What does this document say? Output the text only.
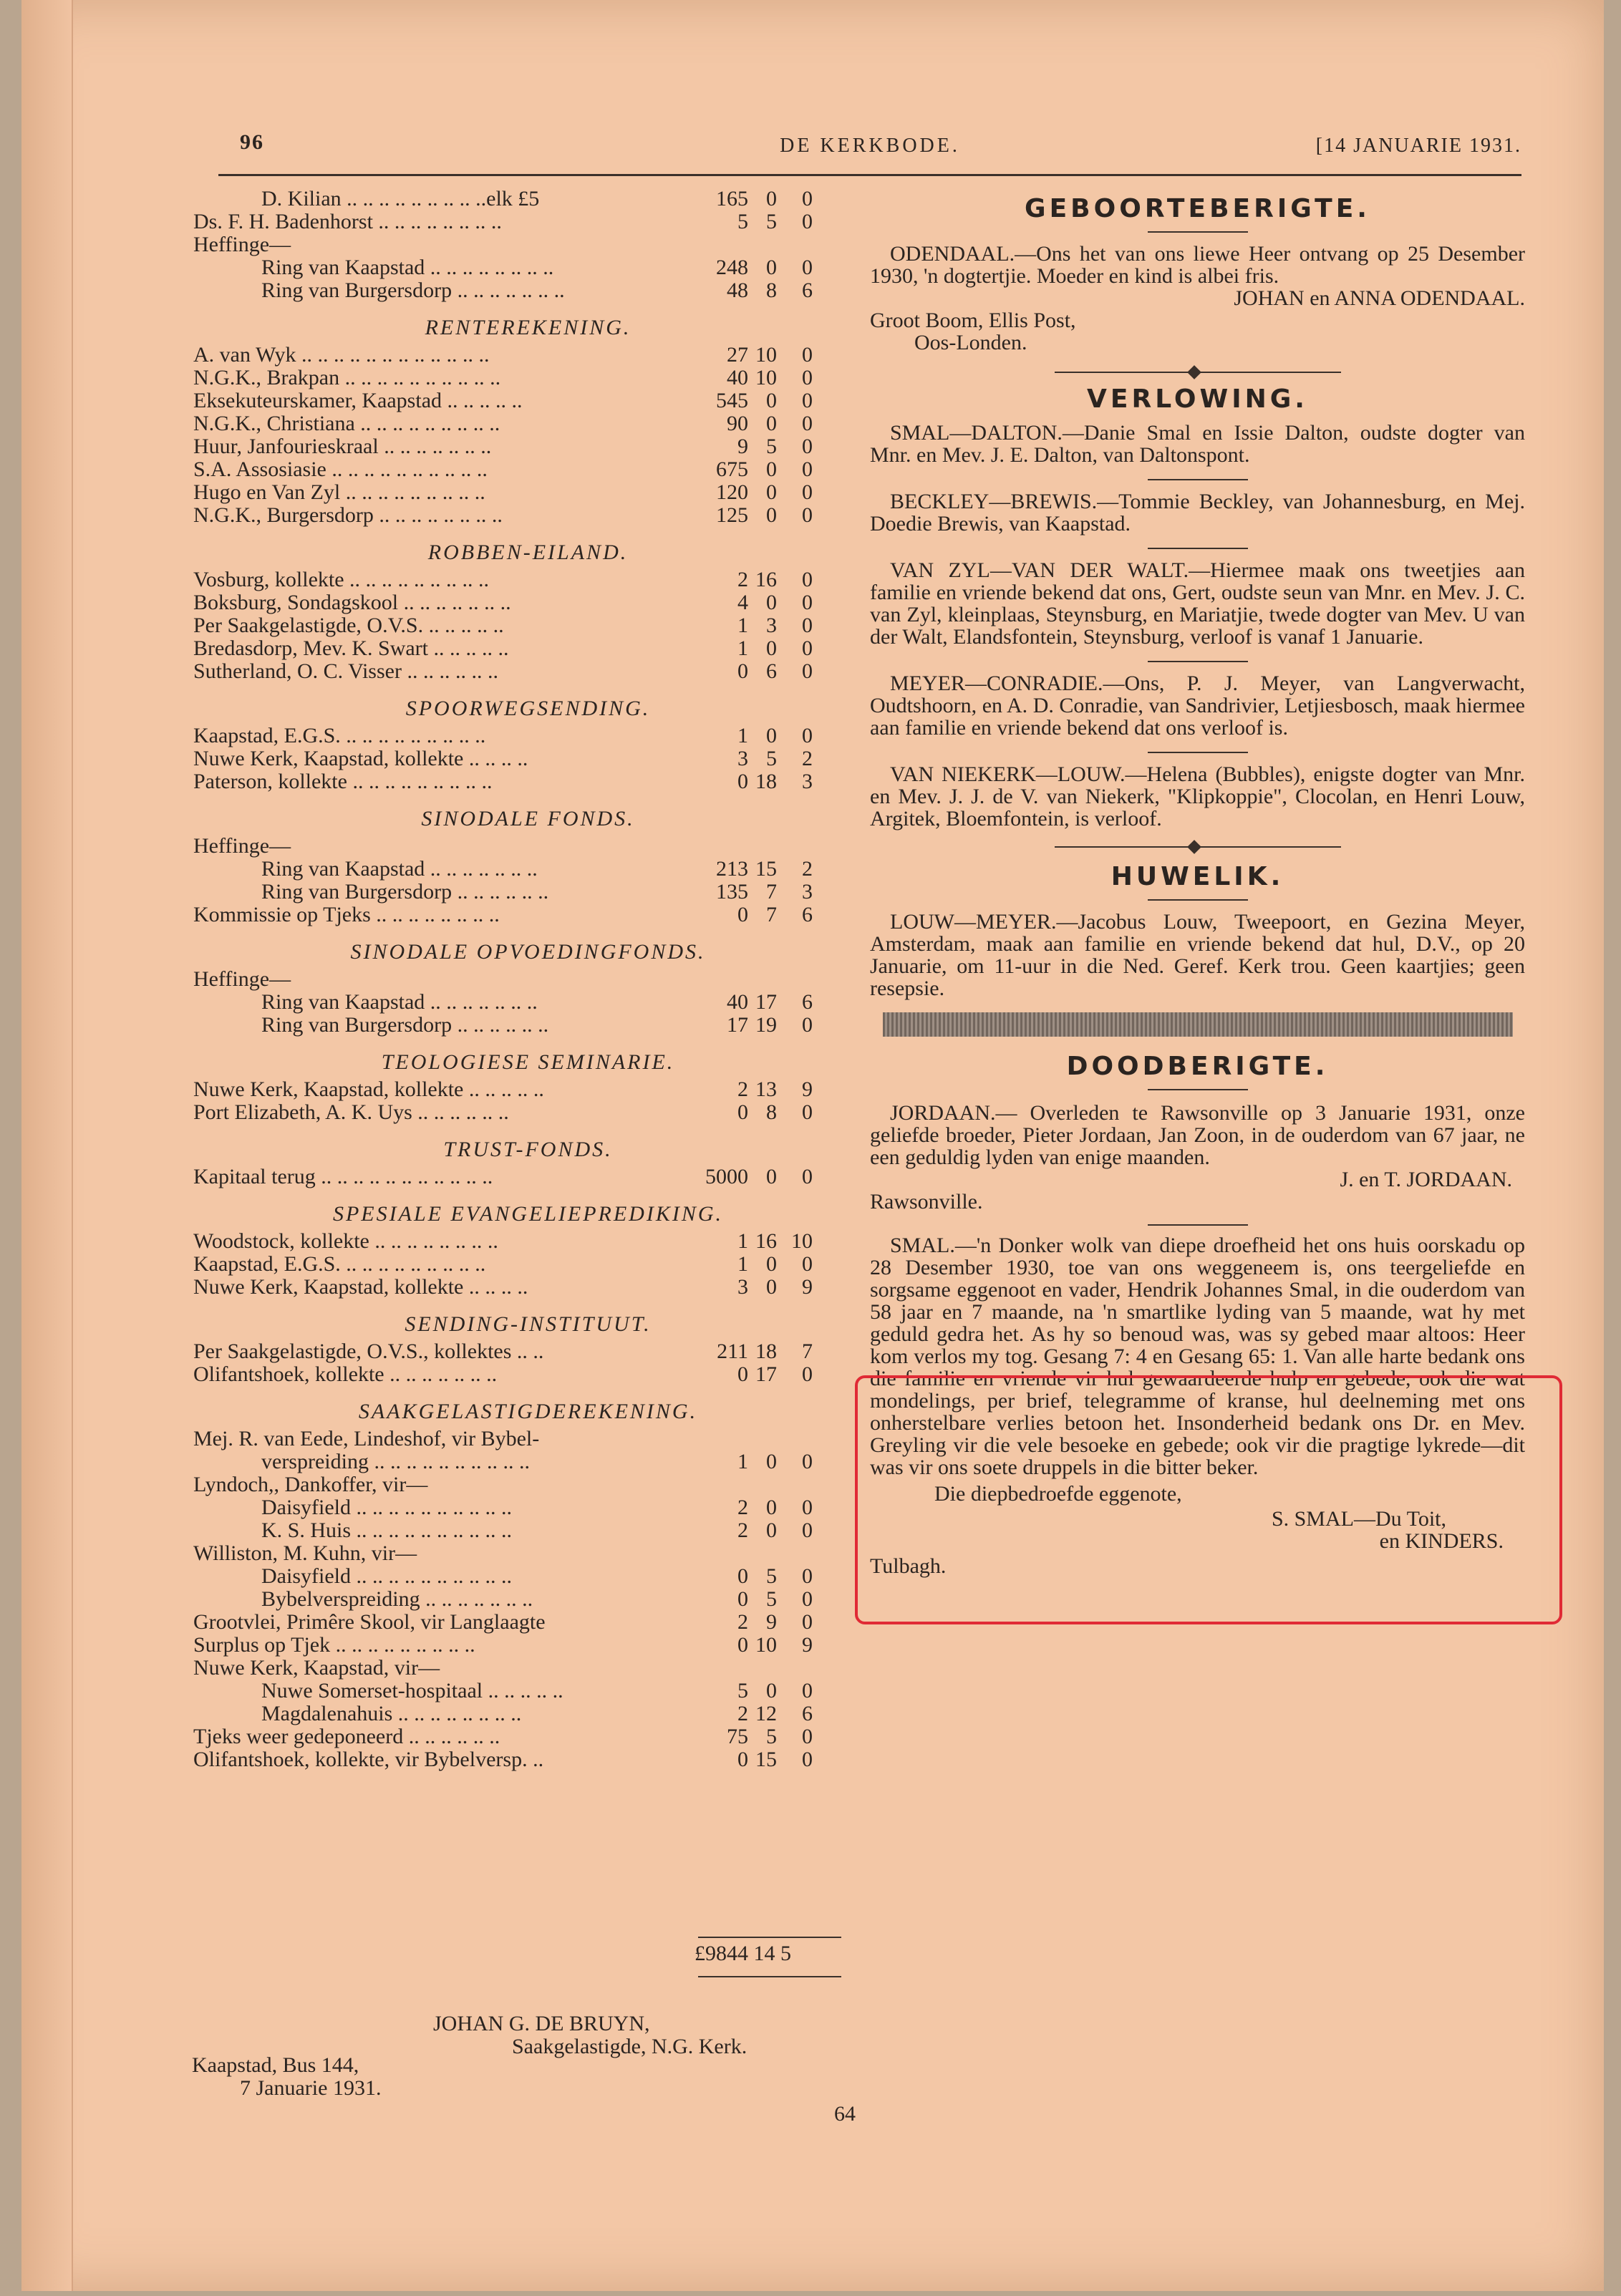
96	DE KERKBODE.	[14 JANUARIE 1931.
D. Kilian .. .. .. .. .. .. .. .. ..elk £5	165 0	0
Ds. F. H. Badenhorst .. .. .. .. .. .. .. ..	5 5	0
Heffinge—
Ring van Kaapstad .. .. .. .. .. .. .. ..	248 0	0
Ring van Burgersdorp .. .. .. .. .. .. ..	48 8	6
RENTEREKENING.
A. van Wyk .. .. .. .. .. .. .. .. .. .. .. ..	27 10	0
N.G.K., Brakpan .. .. .. .. .. .. .. .. .. ..	40 10	0
Eksekuteurskamer, Kaapstad .. .. .. .. ..	545 0	0
N.G.K., Christiana .. .. .. .. .. .. .. .. ..	90 0	0
Huur, Janfourieskraal .. .. .. .. .. .. ..	9 5	0
S.A. Assosiasie .. .. .. .. .. .. .. .. .. ..	675 0	0
Hugo en Van Zyl .. .. .. .. .. .. .. .. ..	120 0	0
N.G.K., Burgersdorp .. .. .. .. .. .. .. ..	125 0	0
ROBBEN-EILAND.
Vosburg, kollekte .. .. .. .. .. .. .. .. ..	2 16	0
Boksburg, Sondagskool .. .. .. .. .. .. ..	4 0	0
Per Saakgelastigde, O.V.S. .. .. .. .. ..	1 3	0
Bredasdorp, Mev. K. Swart .. .. .. .. ..	1 0	0
Sutherland, O. C. Visser .. .. .. .. .. ..	0 6	0
SPOORWEGSENDING.
Kaapstad, E.G.S. .. .. .. .. .. .. .. .. ..	1 0	0
Nuwe Kerk, Kaapstad, kollekte .. .. .. ..	3 5	2
Paterson, kollekte .. .. .. .. .. .. .. .. ..	0 18	3
SINODALE FONDS.
Heffinge—
Ring van Kaapstad .. .. .. .. .. .. ..	213 15	2
Ring van Burgersdorp .. .. .. .. .. ..	135 7	3
Kommissie op Tjeks .. .. .. .. .. .. .. ..	0 7	6
SINODALE OPVOEDINGFONDS.
Heffinge—
Ring van Kaapstad .. .. .. .. .. .. ..	40 17	6
Ring van Burgersdorp .. .. .. .. .. ..	17 19	0
TEOLOGIESE SEMINARIE.
Nuwe Kerk, Kaapstad, kollekte .. .. .. .. ..	2 13	9
Port Elizabeth, A. K. Uys .. .. .. .. .. ..	0 8	0
TRUST-FONDS.
Kapitaal terug .. .. .. .. .. .. .. .. .. .. ..	5000 0	0
SPESIALE EVANGELIEPREDIKING.
Woodstock, kollekte .. .. .. .. .. .. .. ..	1 16 10
Kaapstad, E.G.S. .. .. .. .. .. .. .. .. ..	1 0	0
Nuwe Kerk, Kaapstad, kollekte .. .. .. ..	3 0	9
SENDING-INSTITUUT.
Per Saakgelastigde, O.V.S., kollektes .. ..	211 18	7
Olifantshoek, kollekte .. .. .. .. .. .. ..	0 17	0
SAAKGELASTIGDEREKENING.
Mej. R. van Eede, Lindeshof, vir Bybel-
verspreiding .. .. .. .. .. .. .. .. .. ..	1 0	0
Lyndoch,, Dankoffer, vir—
Daisyfield .. .. .. .. .. .. .. .. .. ..	2 0	0
K. S. Huis .. .. .. .. .. .. .. .. .. ..	2 0	0
Williston, M. Kuhn, vir—
Daisyfield .. .. .. .. .. .. .. .. .. ..	0 5	0
Bybelverspreiding .. .. .. .. .. .. ..	0 5	0
Grootvlei, Primêre Skool, vir Langlaagte	2 9	0
Surplus op Tjek .. .. .. .. .. .. .. .. ..	0 10	9
Nuwe Kerk, Kaapstad, vir—
Nuwe Somerset-hospitaal .. .. .. .. ..	5 0	0
Magdalenahuis .. .. .. .. .. .. .. ..	2 12	6
Tjeks weer gedeponeerd .. .. .. .. .. ..	75 5	0
Olifantshoek, kollekte, vir Bybelversp. ..	0 15	0
£9844 14 5
JOHAN G. DE BRUYN,
Saakgelastigde, N.G. Kerk.
Kaapstad, Bus 144,
7 Januarie 1931.
GEBOORTEBERIGTE.

ODENDAAL.—Ons het van ons liewe Heer ontvang op 25 Desember 1930, 'n dogtertjie. Moeder en kind is albei fris.

JOHAN en ANNA ODENDAAL.
Groot Boom, Ellis Post,
Oos-Londen.
VERLOWING.

SMAL—DALTON.—Danie Smal en Issie Dalton, oudste dogter van Mnr. en Mev. J. E. Dalton, van Daltonspont.

BECKLEY—BREWIS.—Tommie Beckley, van Johannesburg, en Mej. Doedie Brewis, van Kaapstad.

VAN ZYL—VAN DER WALT.—Hiermee maak ons tweetjies aan familie en vriende bekend dat ons, Gert, oudste seun van Mnr. en Mev. J. C. van Zyl, kleinplaas, Steynsburg, en Mariatjie, twede dogter van Mev. U van der Walt, Elandsfontein, Steynsburg, verloof is vanaf 1 Januarie.

MEYER—CONRADIE.—Ons, P. J. Meyer, van Langverwacht, Oudtshoorn, en A. D. Conradie, van Sandrivier, Letjiesbosch, maak hiermee aan familie en vriende bekend dat ons verloof is.

VAN NIEKERK—LOUW.—Helena (Bubbles), enigste dogter van Mnr. en Mev. J. J. de V. van Niekerk, "Klipkoppie", Clocolan, en Henri Louw, Argitek, Bloemfontein, is verloof.

HUWELIK.

LOUW—MEYER.—Jacobus Louw, Tweepoort, en Gezina Meyer, Amsterdam, maak aan familie en vriende bekend dat hul, D.V., op 20 Januarie, om 11-uur in die Ned. Geref. Kerk trou. Geen kaartjies; geen resepsie.

DOODBERIGTE.

JORDAAN.— Overleden te Rawsonville op 3 Januarie 1931, onze geliefde broeder, Pieter Jordaan, Jan Zoon, in de ouderdom van 67 jaar, ne een geduldig lyden van enige maanden.

J. en T. JORDAAN.
Rawsonville.

SMAL.—'n Donker wolk van diepe droefheid het ons huis oorskadu op 28 Desember 1930, toe van ons weggeneem is, ons teergeliefde en sorgsame eggenoot en vader, Hendrik Johannes Smal, in die ouderdom van 58 jaar en 7 maande, na 'n smartlike lyding van 5 maande, wat hy met geduld gedra het. As hy so benoud was, was sy gebed maar altoos: Heer kom verlos my tog. Gesang 7: 4 en Gesang 65: 1. Van alle harte bedank ons die familie en vriende vir hul gewaardeerde hulp en gebede, ook die wat mondelings, per brief, telegramme of kranse, hul deelneming met ons onherstelbare verlies betoon het. Insonderheid bedank ons Dr. en Mev. Greyling vir die vele besoeke en gebede; ook vir die pragtige lykrede—dit was vir ons soete druppels in die bitter beker.

Die diepbedroefde eggenote,
S. SMAL—Du Toit,
en KINDERS.
Tulbagh.
64
